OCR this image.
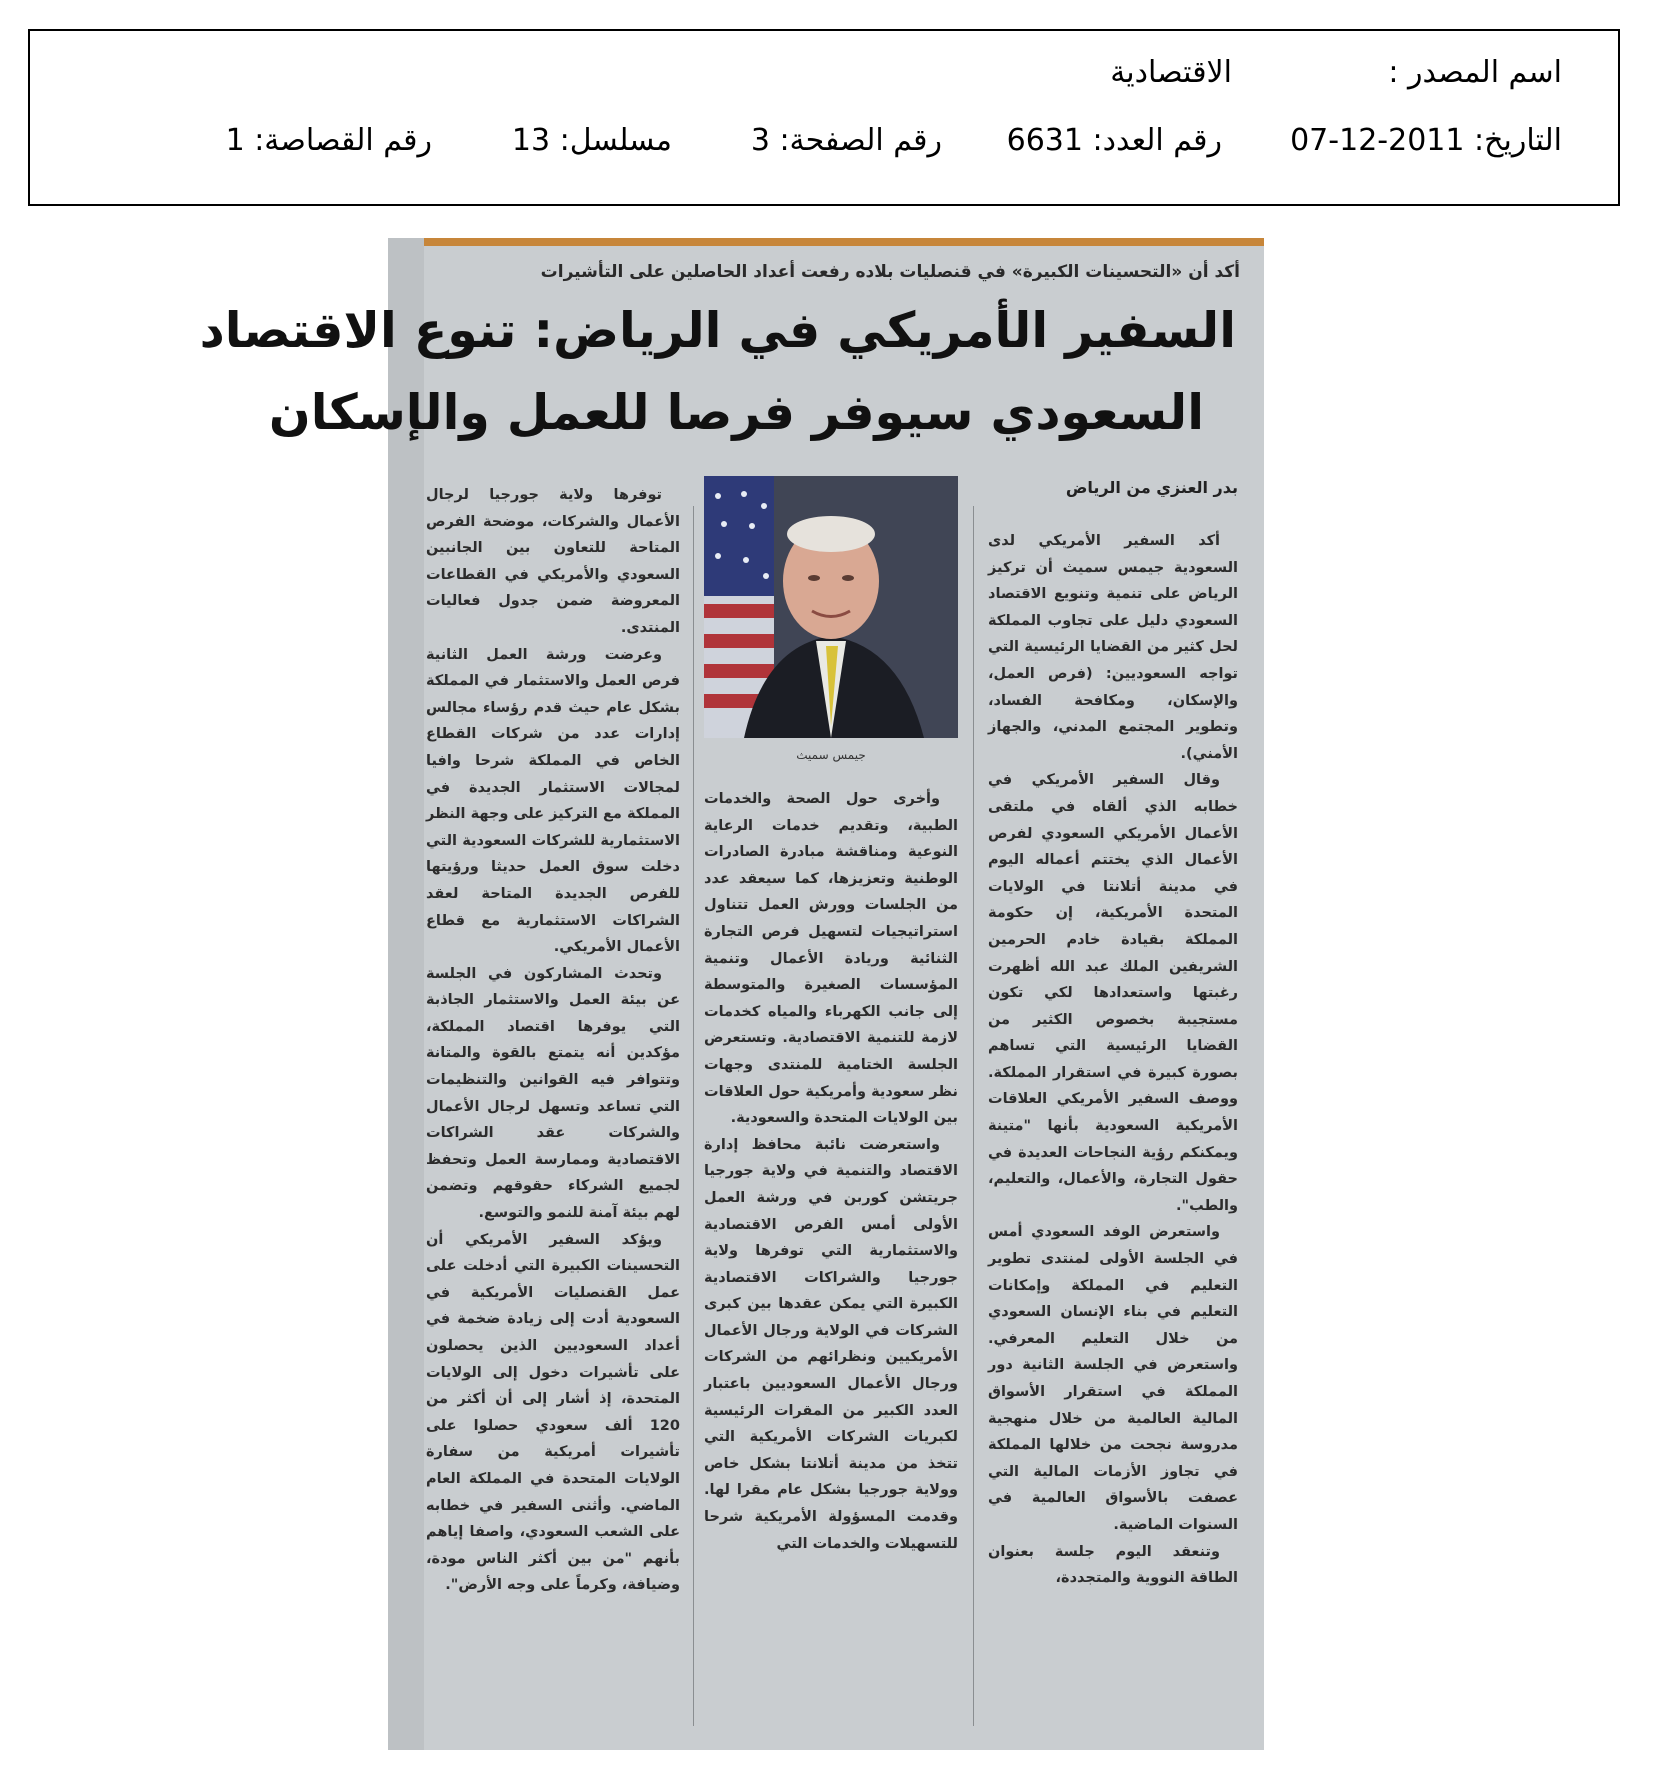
اسم المصدر :
الاقتصادية
التاريخ: 2011-12-07
رقم العدد: 6631
رقم الصفحة: 3
مسلسل: 13
رقم القصاصة: 1
أكد أن «التحسينات الكبيرة» في قنصليات بلاده رفعت أعداد الحاصلين على التأشيرات
السفير الأمريكي في الرياض: تنوع الاقتصاد
السعودي سيوفر فرصا للعمل والإسكان
بدر العنزي من الرياض
جيمس سميث

أكد السفير الأمريكي لدى السعودية جيمس سميث أن تركيز الرياض على تنمية وتنويع الاقتصاد السعودي دليل على تجاوب المملكة لحل كثير من القضايا الرئيسية التي تواجه السعوديين: (فرص العمل، والإسكان، ومكافحة الفساد، وتطوير المجتمع المدني، والجهاز الأمني).

وقال السفير الأمريكي في خطابه الذي ألقاه في ملتقى الأعمال الأمريكي السعودي لفرص الأعمال الذي يختتم أعماله اليوم في مدينة أتلانتا في الولايات المتحدة الأمريكية، إن حكومة المملكة بقيادة خادم الحرمين الشريفين الملك عبد الله أظهرت رغبتها واستعدادها لكي تكون مستجيبة بخصوص الكثير من القضايا الرئيسية التي تساهم بصورة كبيرة في استقرار المملكة. ووصف السفير الأمريكي العلاقات الأمريكية السعودية بأنها "متينة ويمكنكم رؤية النجاحات العديدة في حقول التجارة، والأعمال، والتعليم، والطب".

واستعرض الوفد السعودي أمس في الجلسة الأولى لمنتدى تطوير التعليم في المملكة وإمكانات التعليم في بناء الإنسان السعودي من خلال التعليم المعرفي. واستعرض في الجلسة الثانية دور المملكة في استقرار الأسواق المالية العالمية من خلال منهجية مدروسة نجحت من خلالها المملكة في تجاوز الأزمات المالية التي عصفت بالأسواق العالمية في السنوات الماضية.

وتنعقد اليوم جلسة بعنوان الطاقة النووية والمتجددة،

وأخرى حول الصحة والخدمات الطبية، وتقديم خدمات الرعاية النوعية ومناقشة مبادرة الصادرات الوطنية وتعزيزها، كما سيعقد عدد من الجلسات وورش العمل تتناول استراتيجيات لتسهيل فرص التجارة الثنائية وريادة الأعمال وتنمية المؤسسات الصغيرة والمتوسطة إلى جانب الكهرباء والمياه كخدمات لازمة للتنمية الاقتصادية. وتستعرض الجلسة الختامية للمنتدى وجهات نظر سعودية وأمريكية حول العلاقات بين الولايات المتحدة والسعودية.

واستعرضت نائبة محافظ إدارة الاقتصاد والتنمية في ولاية جورجيا جريتشن كوربن في ورشة العمل الأولى أمس الفرص الاقتصادية والاستثمارية التي توفرها ولاية جورجيا والشراكات الاقتصادية الكبيرة التي يمكن عقدها بين كبرى الشركات في الولاية ورجال الأعمال الأمريكيين ونظرائهم من الشركات ورجال الأعمال السعوديين باعتبار العدد الكبير من المقرات الرئيسية لكبريات الشركات الأمريكية التي تتخذ من مدينة أتلانتا بشكل خاص وولاية جورجيا بشكل عام مقرا لها. وقدمت المسؤولة الأمريكية شرحا للتسهيلات والخدمات التي

توفرها ولاية جورجيا لرجال الأعمال والشركات، موضحة الفرص المتاحة للتعاون بين الجانبين السعودي والأمريكي في القطاعات المعروضة ضمن جدول فعاليات المنتدى.

وعرضت ورشة العمل الثانية فرص العمل والاستثمار في المملكة بشكل عام حيث قدم رؤساء مجالس إدارات عدد من شركات القطاع الخاص في المملكة شرحا وافيا لمجالات الاستثمار الجديدة في المملكة مع التركيز على وجهة النظر الاستثمارية للشركات السعودية التي دخلت سوق العمل حديثا ورؤيتها للفرص الجديدة المتاحة لعقد الشراكات الاستثمارية مع قطاع الأعمال الأمريكي.

وتحدث المشاركون في الجلسة عن بيئة العمل والاستثمار الجاذبة التي يوفرها اقتصاد المملكة، مؤكدين أنه يتمتع بالقوة والمتانة وتتوافر فيه القوانين والتنظيمات التي تساعد وتسهل لرجال الأعمال والشركات عقد الشراكات الاقتصادية وممارسة العمل وتحفظ لجميع الشركاء حقوقهم وتضمن لهم بيئة آمنة للنمو والتوسع.

ويؤكد السفير الأمريكي أن التحسينات الكبيرة التي أدخلت على عمل القنصليات الأمريكية في السعودية أدت إلى زيادة ضخمة في أعداد السعوديين الذين يحصلون على تأشيرات دخول إلى الولايات المتحدة، إذ أشار إلى أن أكثر من 120 ألف سعودي حصلوا على تأشيرات أمريكية من سفارة الولايات المتحدة في المملكة العام الماضي. وأثنى السفير في خطابه على الشعب السعودي، واصفا إياهم بأنهم "من بين أكثر الناس مودة، وضيافة، وكرماً على وجه الأرض".
